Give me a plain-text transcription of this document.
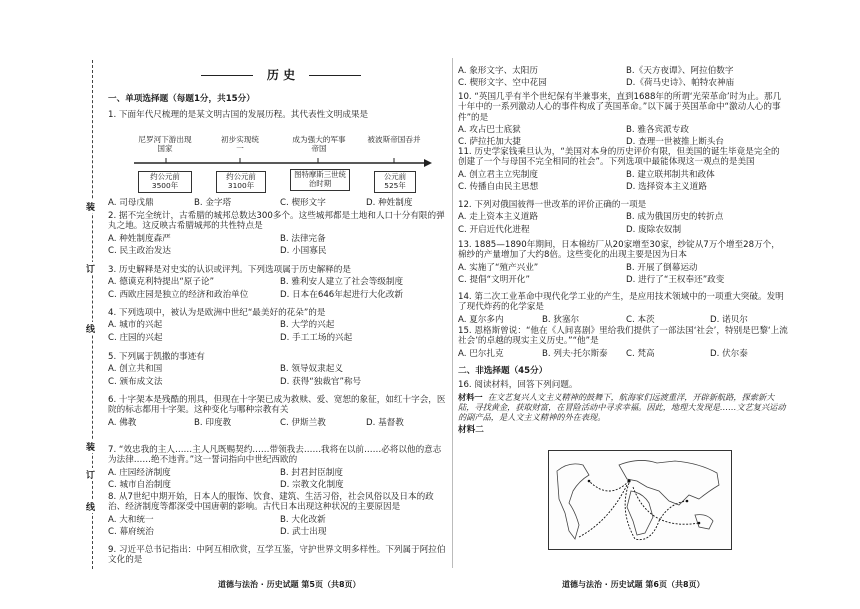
装
订
线
装
订
线
历 史
一、单项选择题（每题1分，共15分）

1. 下面年代尺梳理的是某文明古国的发展历程。其代表性文明成果是

尼罗河下游出现国家
初步实现统一
成为强大的军事帝国
被波斯帝国吞并
约公元前3500年
约公元前3100年
图特摩斯三世统治时期
公元前525年
A. 司母戊鼎	B. 金字塔	C. 楔形文字	D. 种姓制度

2. 据不完全统计，古希腊的城邦总数达300多个。这些城邦都是土地和人口十分有限的弹丸之地。这反映古希腊城邦的共性特点是

A. 种姓制度森严	B. 法律完备
C. 民主政治发达	D. 小国寡民

3. 历史解释是对史实的认识或评判。下列选项属于历史解释的是

A. 德谟克利特提出“原子论”	B. 雅利安人建立了社会等级制度
C. 西欧庄园是独立的经济和政治单位	D. 日本在646年起进行大化改新

4. 下列选项中，被认为是欧洲中世纪“最美好的花朵”的是

A. 城市的兴起	B. 大学的兴起
C. 庄园的兴起	D. 手工工场的兴起

5. 下列属于凯撒的事迹有

A. 创立共和国	B. 领导奴隶起义
C. 颁布成文法	D. 获得“独裁官”称号

6. 十字架本是残酷的刑具，但现在十字架已成为救赎、爱、宽恕的象征，如红十字会，医院的标志都用十字架。这种变化与哪种宗教有关

A. 佛教	B. 印度教	C. 伊斯兰教	D. 基督教

7. “效忠我的主人……主人凡既赐契约……带领我去……我将在以前……必将以他的意志为法律……绝不违背。”这一誓词指向中世纪西欧的

A. 庄园经济制度	B. 封君封臣制度
C. 城市自治制度	D. 宗教文化制度

8. 从7世纪中期开始，日本人的服饰、饮食、建筑、生活习俗，社会风俗以及日本的政治、经济制度等都深受中国唐朝的影响。古代日本出现这种状况的主要原因是

A. 大和统一	B. 大化改新
C. 幕府统治	D. 武士出现

9. 习近平总书记指出：中阿互相欣赏，互学互鉴，守护世界文明多样性。下列属于阿拉伯文化的是

道德与法治 · 历史试题 第5页（共8页）
A. 象形文字、太阳历	B.《天方夜谭》、阿拉伯数字
C. 楔形文字、空中花园	D.《荷马史诗》、帕特农神庙

10. “英国几乎有半个世纪保有半兼事来，直到1688年的所谓‘光荣革命’时为止。那几十年中的一系列激动人心的事件构成了英国革命。”以下属于英国革命中“激动人心的事件”的是

A. 攻占巴士底狱	B. 雅各宾派专政
C. 萨拉托加大捷	D. 查理一世被推上断头台

11. 历史学家钱乘旦认为，“美国对本身的历史评价有限，但美国的诞生毕竟是完全的创建了一个与母国不完全相同的社会”。下列选项中最能体现这一观点的是美国

A. 创立君主立宪制度	B. 建立联邦制共和政体
C. 传播自由民主思想	D. 选择资本主义道路

12. 下列对俄国彼得一世改革的评价正确的一项是

A. 走上资本主义道路	B. 成为俄国历史的转折点
C. 开启近代化进程	D. 废除农奴制

13. 1885—1890年期间，日本棉纺厂从20家增至30家，纱锭从7万个增至28万个，棉纱的产量增加了大约8倍。这些变化的出现主要是因为日本

A. 实施了“殖产兴业”	B. 开展了倒幕运动
C. 提倡“文明开化”	D. 进行了“王权奉还”政变

14. 第二次工业革命中现代化学工业的产生，是应用技术领域中的一项重大突破。发明了现代炸药的化学家是

A. 夏尔多内	B. 狄塞尔	C. 本茨	D. 诺贝尔

15. 恩格斯曾说：“他在《人间喜剧》里给我们提供了一部法国‘社会’，特别是巴黎‘上流社会’的卓越的现实主义历史。”“他”是

A. 巴尔扎克	B. 列夫·托尔斯泰	C. 梵高	D. 伏尔泰
二、非选择题（45分）

16. 阅读材料，回答下列问题。

材料一 在文艺复兴人文主义精神的鼓舞下，航海家们远渡重洋，开辟新航路，探索新大陆，寻找黄金，获取财富，在冒险活动中寻求幸福。因此，地理大发现是……文艺复兴运动的副产品，是人文主义精神的外在表现。

材料二

道德与法治 · 历史试题 第6页（共8页）
